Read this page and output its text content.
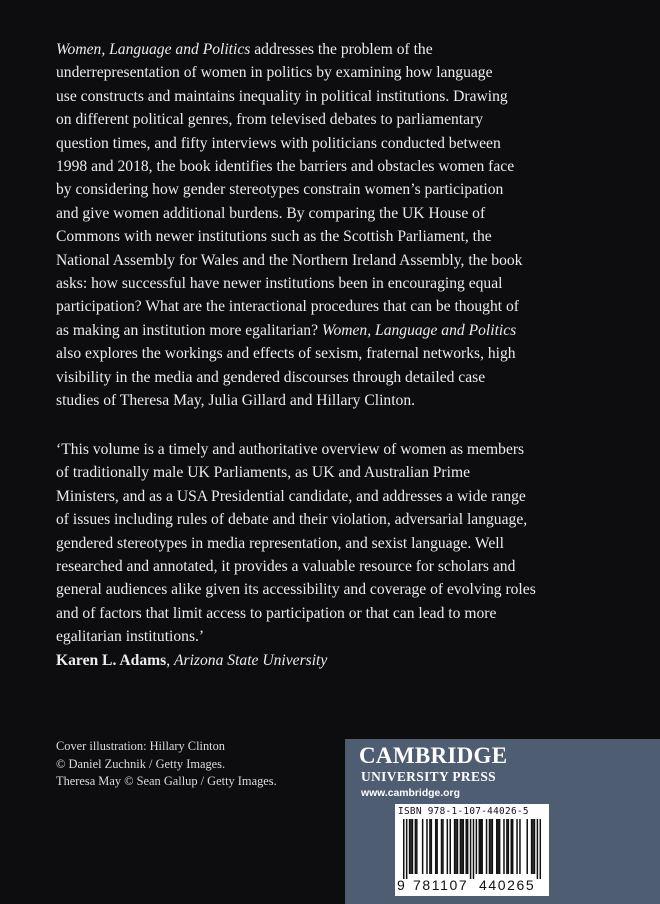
Women, Language and Politics addresses the problem of the
underrepresentation of women in politics by examining how language
use constructs and maintains inequality in political institutions. Drawing
on different political genres, from televised debates to parliamentary
question times, and fifty interviews with politicians conducted between
1998 and 2018, the book identifies the barriers and obstacles women face
by considering how gender stereotypes constrain women’s participation
and give women additional burdens. By comparing the UK House of
Commons with newer institutions such as the Scottish Parliament, the
National Assembly for Wales and the Northern Ireland Assembly, the book
asks: how successful have newer institutions been in encouraging equal
participation? What are the interactional procedures that can be thought of
as making an institution more egalitarian? Women, Language and Politics
also explores the workings and effects of sexism, fraternal networks, high
visibility in the media and gendered discourses through detailed case
studies of Theresa May, Julia Gillard and Hillary Clinton.
‘This volume is a timely and authoritative overview of women as members
of traditionally male UK Parliaments, as UK and Australian Prime
Ministers, and as a USA Presidential candidate, and addresses a wide range
of issues including rules of debate and their violation, adversarial language,
gendered stereotypes in media representation, and sexist language. Well
researched and annotated, it provides a valuable resource for scholars and
general audiences alike given its accessibility and coverage of evolving roles
and of factors that limit access to participation or that can lead to more
egalitarian institutions.’
Karen L. Adams, Arizona State University
Cover illustration: Hillary Clinton
© Daniel Zuchnik / Getty Images.
Theresa May © Sean Gallup / Getty Images.
CAMBRIDGE
UNIVERSITY PRESS
www.cambridge.org
ISBN 978-1-107-44026-5
9 781107 440265
